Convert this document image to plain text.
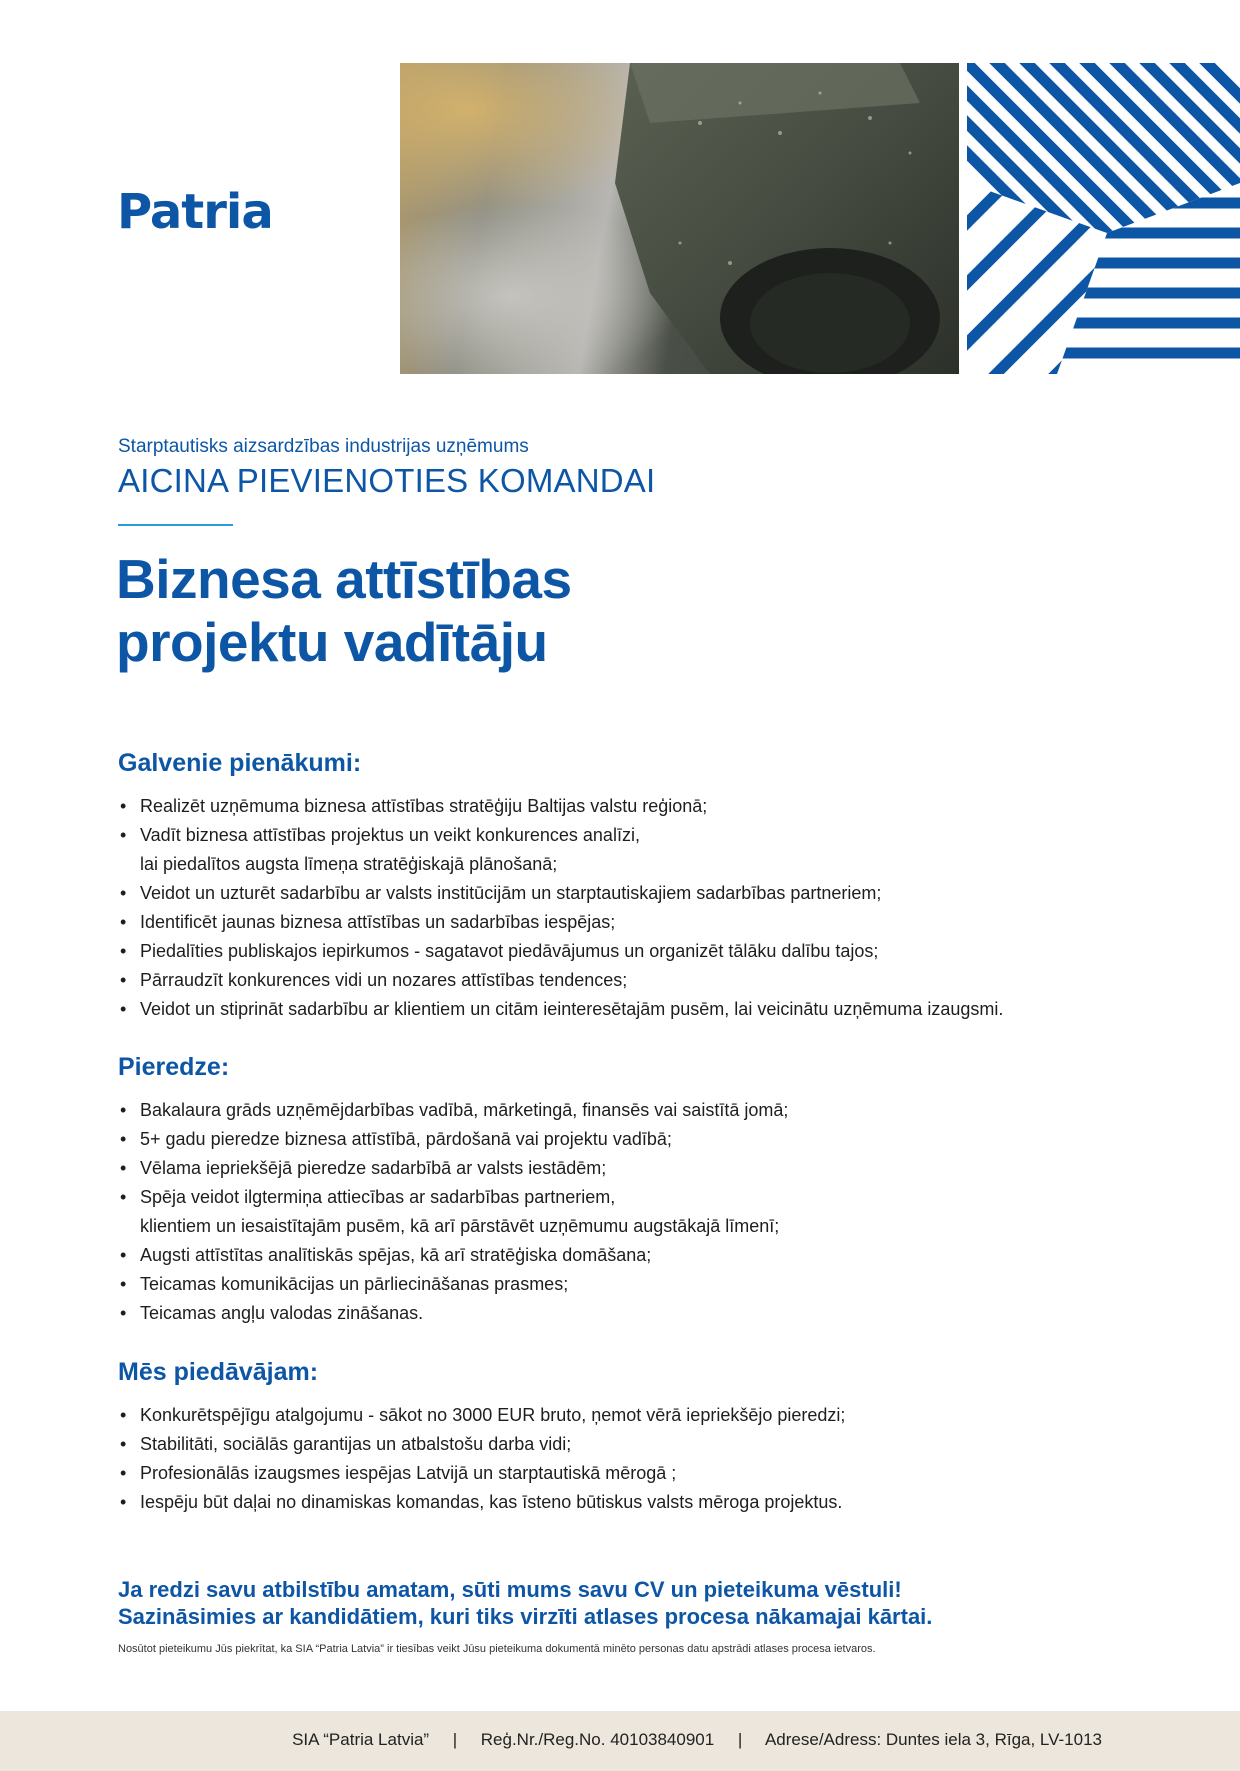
Patria

Starptautisks aizsardzības industrijas uzņēmums

AICINA PIEVIENOTIES KOMANDAI

Biznesa attīstības
projektu vadītāju
Galvenie pienākumi:
• Realizēt uzņēmuma biznesa attīstības stratēģiju Baltijas valstu reģionā;
• Vadīt biznesa attīstības projektus un veikt konkurences analīzi,
lai piedalītos augsta līmeņa stratēģiskajā plānošanā;
• Veidot un uzturēt sadarbību ar valsts institūcijām un starptautiskajiem sadarbības partneriem;
• Identificēt jaunas biznesa attīstības un sadarbības iespējas;
• Piedalīties publiskajos iepirkumos - sagatavot piedāvājumus un organizēt tālāku dalību tajos;
• Pārraudzīt konkurences vidi un nozares attīstības tendences;
• Veidot un stiprināt sadarbību ar klientiem un citām ieinteresētajām pusēm, lai veicinātu uzņēmuma izaugsmi.
Pieredze:
• Bakalaura grāds uzņēmējdarbības vadībā, mārketingā, finansēs vai saistītā jomā;
• 5+ gadu pieredze biznesa attīstībā, pārdošanā vai projektu vadībā;
• Vēlama iepriekšējā pieredze sadarbībā ar valsts iestādēm;
• Spēja veidot ilgtermiņa attiecības ar sadarbības partneriem,
klientiem un iesaistītajām pusēm, kā arī pārstāvēt uzņēmumu augstākajā līmenī;
• Augsti attīstītas analītiskās spējas, kā arī stratēģiska domāšana;
• Teicamas komunikācijas un pārliecināšanas prasmes;
• Teicamas angļu valodas zināšanas.
Mēs piedāvājam:
• Konkurētspējīgu atalgojumu - sākot no 3000 EUR bruto, ņemot vērā iepriekšējo pieredzi;
• Stabilitāti, sociālās garantijas un atbalstošu darba vidi;
• Profesionālās izaugsmes iespējas Latvijā un starptautiskā mērogā ;
• Iespēju būt daļai no dinamiskas komandas, kas īsteno būtiskus valsts mēroga projektus.

Ja redzi savu atbilstību amatam, sūti mums savu CV un pieteikuma vēstuli!
Sazināsimies ar kandidātiem, kuri tiks virzīti atlases procesa nākamajai kārtai.

Nosūtot pieteikumu Jūs piekrītat, ka SIA “Patria Latvia” ir tiesības veikt Jūsu pieteikuma dokumentā minēto personas datu apstrādi atlases procesa ietvaros.

SIA “Patria Latvia” | Reģ.Nr./Reg.No. 40103840901 | Adrese/Adress: Duntes iela 3, Rīga, LV-1013
